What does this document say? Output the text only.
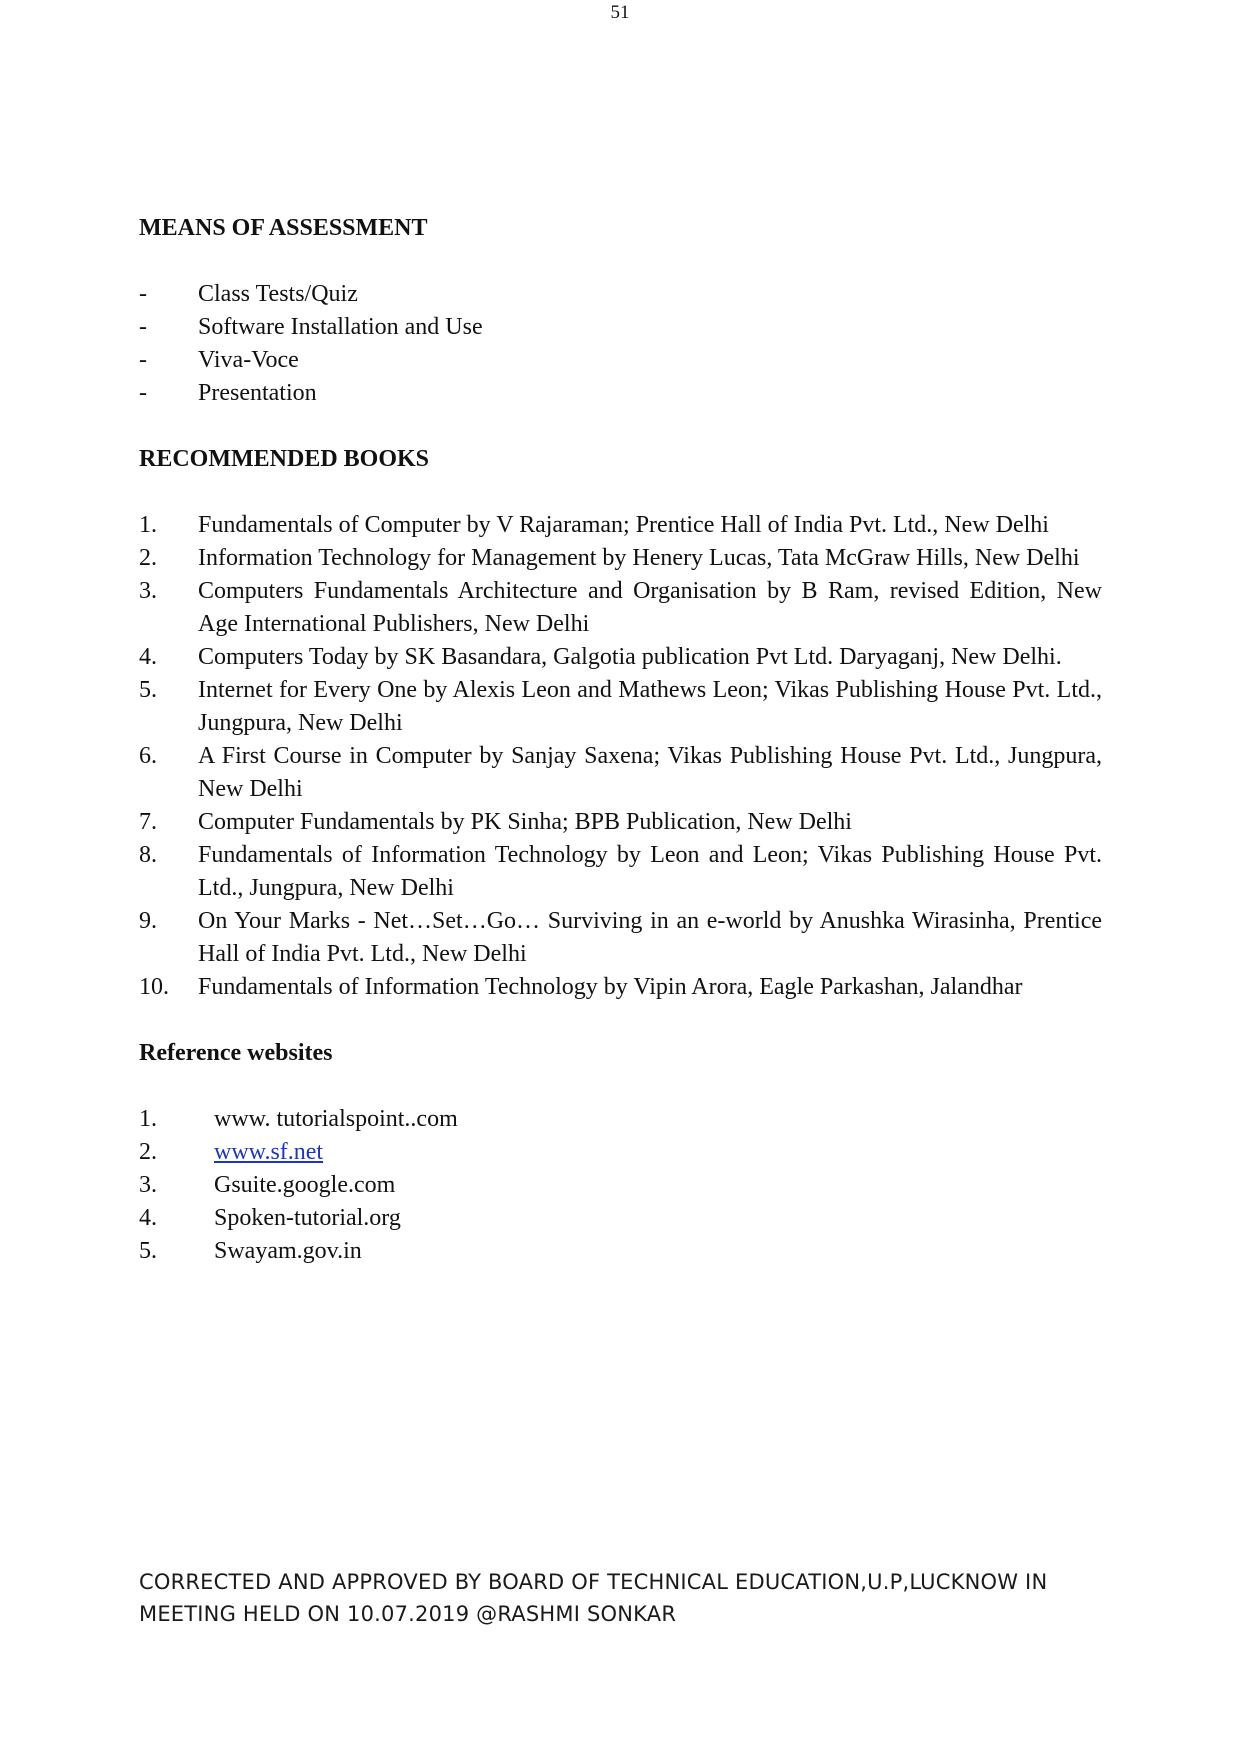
51
MEANS OF ASSESSMENT
- Class Tests/Quiz
- Software Installation and Use
- Viva-Voce
- Presentation
RECOMMENDED BOOKS
1. Fundamentals of Computer by V Rajaraman; Prentice Hall of India Pvt. Ltd., New Delhi
2. Information Technology for Management by Henery Lucas, Tata McGraw Hills, New Delhi
3. Computers Fundamentals Architecture and Organisation by B Ram, revised Edition, New Age International Publishers, New Delhi
4. Computers Today by SK Basandara, Galgotia publication Pvt Ltd. Daryaganj, New Delhi.
5. Internet for Every One by Alexis Leon and Mathews Leon; Vikas Publishing House Pvt. Ltd., Jungpura, New Delhi
6. A First Course in Computer by Sanjay Saxena; Vikas Publishing House Pvt. Ltd., Jungpura, New Delhi
7. Computer Fundamentals by PK Sinha; BPB Publication, New Delhi
8. Fundamentals of Information Technology by Leon and Leon; Vikas Publishing House Pvt. Ltd., Jungpura, New Delhi
9. On Your Marks - Net…Set…Go… Surviving in an e-world by Anushka Wirasinha, Prentice Hall of India Pvt. Ltd., New Delhi
10. Fundamentals of Information Technology by Vipin Arora, Eagle Parkashan, Jalandhar
Reference websites
1. www. tutorialspoint..com
2. www.sf.net
3. Gsuite.google.com
4. Spoken-tutorial.org
5. Swayam.gov.in
CORRECTED AND APPROVED BY BOARD OF TECHNICAL EDUCATION,U.P,LUCKNOW IN
MEETING HELD ON 10.07.2019 @RASHMI SONKAR
